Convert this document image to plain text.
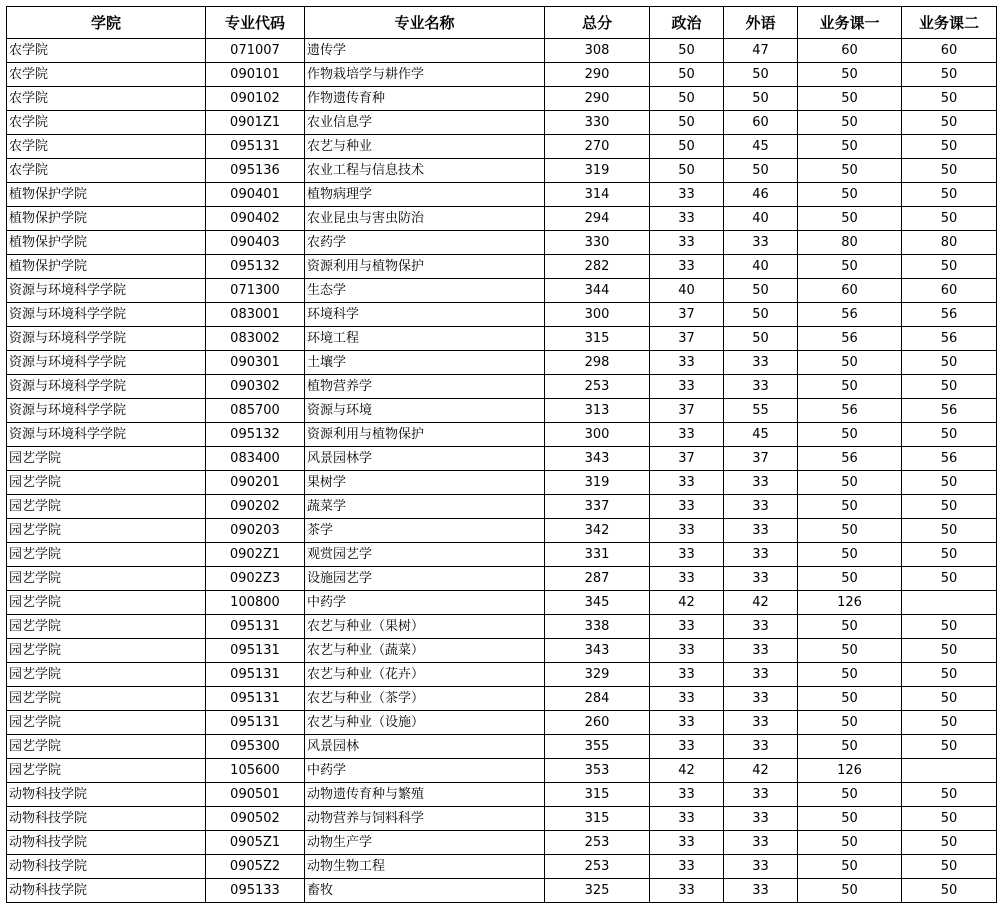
学院	专业代码	专业名称	总分	政治	外语	业务课一	业务课二
农学院	071007	遗传学	308	50	47	60	60
农学院	090101	作物栽培学与耕作学	290	50	50	50	50
农学院	090102	作物遗传育种	290	50	50	50	50
农学院	0901Z1	农业信息学	330	50	60	50	50
农学院	095131	农艺与种业	270	50	45	50	50
农学院	095136	农业工程与信息技术	319	50	50	50	50
植物保护学院	090401	植物病理学	314	33	46	50	50
植物保护学院	090402	农业昆虫与害虫防治	294	33	40	50	50
植物保护学院	090403	农药学	330	33	33	80	80
植物保护学院	095132	资源利用与植物保护	282	33	40	50	50
资源与环境科学学院	071300	生态学	344	40	50	60	60
资源与环境科学学院	083001	环境科学	300	37	50	56	56
资源与环境科学学院	083002	环境工程	315	37	50	56	56
资源与环境科学学院	090301	土壤学	298	33	33	50	50
资源与环境科学学院	090302	植物营养学	253	33	33	50	50
资源与环境科学学院	085700	资源与环境	313	37	55	56	56
资源与环境科学学院	095132	资源利用与植物保护	300	33	45	50	50
园艺学院	083400	风景园林学	343	37	37	56	56
园艺学院	090201	果树学	319	33	33	50	50
园艺学院	090202	蔬菜学	337	33	33	50	50
园艺学院	090203	茶学	342	33	33	50	50
园艺学院	0902Z1	观赏园艺学	331	33	33	50	50
园艺学院	0902Z3	设施园艺学	287	33	33	50	50
园艺学院	100800	中药学	345	42	42	126	
园艺学院	095131	农艺与种业（果树）	338	33	33	50	50
园艺学院	095131	农艺与种业（蔬菜）	343	33	33	50	50
园艺学院	095131	农艺与种业（花卉）	329	33	33	50	50
园艺学院	095131	农艺与种业（茶学）	284	33	33	50	50
园艺学院	095131	农艺与种业（设施）	260	33	33	50	50
园艺学院	095300	风景园林	355	33	33	50	50
园艺学院	105600	中药学	353	42	42	126	
动物科技学院	090501	动物遗传育种与繁殖	315	33	33	50	50
动物科技学院	090502	动物营养与饲料科学	315	33	33	50	50
动物科技学院	0905Z1	动物生产学	253	33	33	50	50
动物科技学院	0905Z2	动物生物工程	253	33	33	50	50
动物科技学院	095133	畜牧	325	33	33	50	50
